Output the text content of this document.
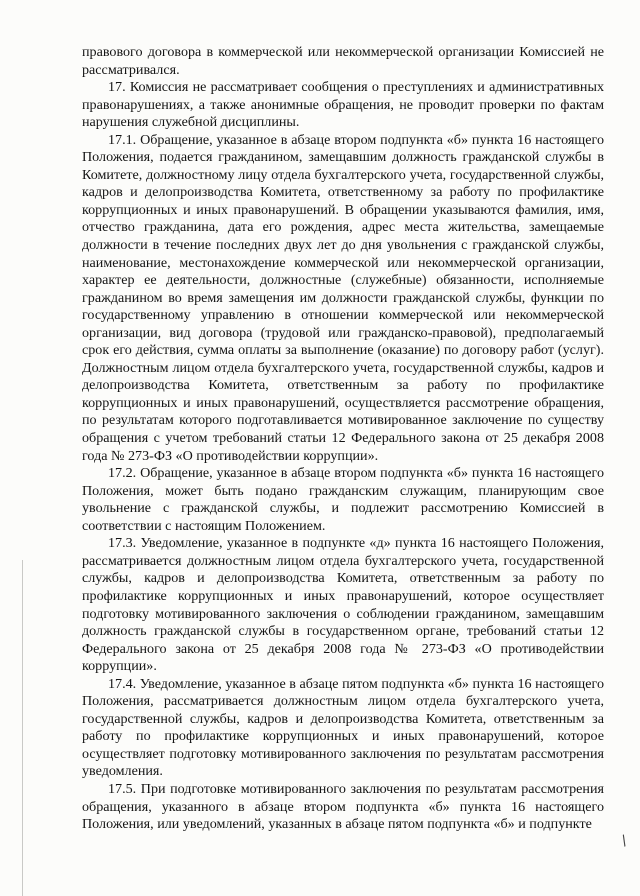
/

правового договора в коммерческой или некоммерческой организации Комиссией не рассматривался.

17. Комиссия не рассматривает сообщения о преступлениях и административных правонарушениях, а также анонимные обращения, не проводит проверки по фактам нарушения служебной дисциплины.

17.1. Обращение, указанное в абзаце втором подпункта «б» пункта 16 настоящего Положения, подается гражданином, замещавшим должность гражданской службы в Комитете, должностному лицу отдела бухгалтерского учета, государственной службы, кадров и делопроизводства Комитета, ответственному за работу по профилактике коррупционных и иных правонарушений. В обращении указываются фамилия, имя, отчество гражданина, дата его рождения, адрес места жительства, замещаемые должности в течение последних двух лет до дня увольнения с гражданской службы, наименование, местонахождение коммерческой или некоммерческой организации, характер ее деятельности, должностные (служебные) обязанности, исполняемые гражданином во время замещения им должности гражданской службы, функции по государственному управлению в отношении коммерческой или некоммерческой организации, вид договора (трудовой или гражданско-правовой), предполагаемый срок его действия, сумма оплаты за выполнение (оказание) по договору работ (услуг). Должностным лицом отдела бухгалтерского учета, государственной службы, кадров и делопроизводства Комитета, ответственным за работу по профилактике коррупционных и иных правонарушений, осуществляется рассмотрение обращения, по результатам которого подготавливается мотивированное заключение по существу обращения с учетом требований статьи 12 Федерального закона от 25 декабря 2008 года № 273-ФЗ «О противодействии коррупции».

17.2. Обращение, указанное в абзаце втором подпункта «б» пункта 16 настоящего Положения, может быть подано гражданским служащим, планирующим свое увольнение с гражданской службы, и подлежит рассмотрению Комиссией в соответствии с настоящим Положением.

17.3. Уведомление, указанное в подпункте «д» пункта 16 настоящего Положения, рассматривается должностным лицом отдела бухгалтерского учета, государственной службы, кадров и делопроизводства Комитета, ответственным за работу по профилактике коррупционных и иных правонарушений, которое осуществляет подготовку мотивированного заключения о соблюдении гражданином, замещавшим должность гражданской службы в государственном органе, требований статьи 12 Федерального закона от 25 декабря 2008 года № 273-ФЗ «О противодействии коррупции».

17.4. Уведомление, указанное в абзаце пятом подпункта «б» пункта 16 настоящего Положения, рассматривается должностным лицом отдела бухгалтерского учета, государственной службы, кадров и делопроизводства Комитета, ответственным за работу по профилактике коррупционных и иных правонарушений, которое осуществляет подготовку мотивированного заключения по результатам рассмотрения уведомления.

17.5. При подготовке мотивированного заключения по результатам рассмотрения обращения, указанного в абзаце втором подпункта «б» пункта 16 настоящего Положения, или уведомлений, указанных в абзаце пятом подпункта «б» и подпункте
